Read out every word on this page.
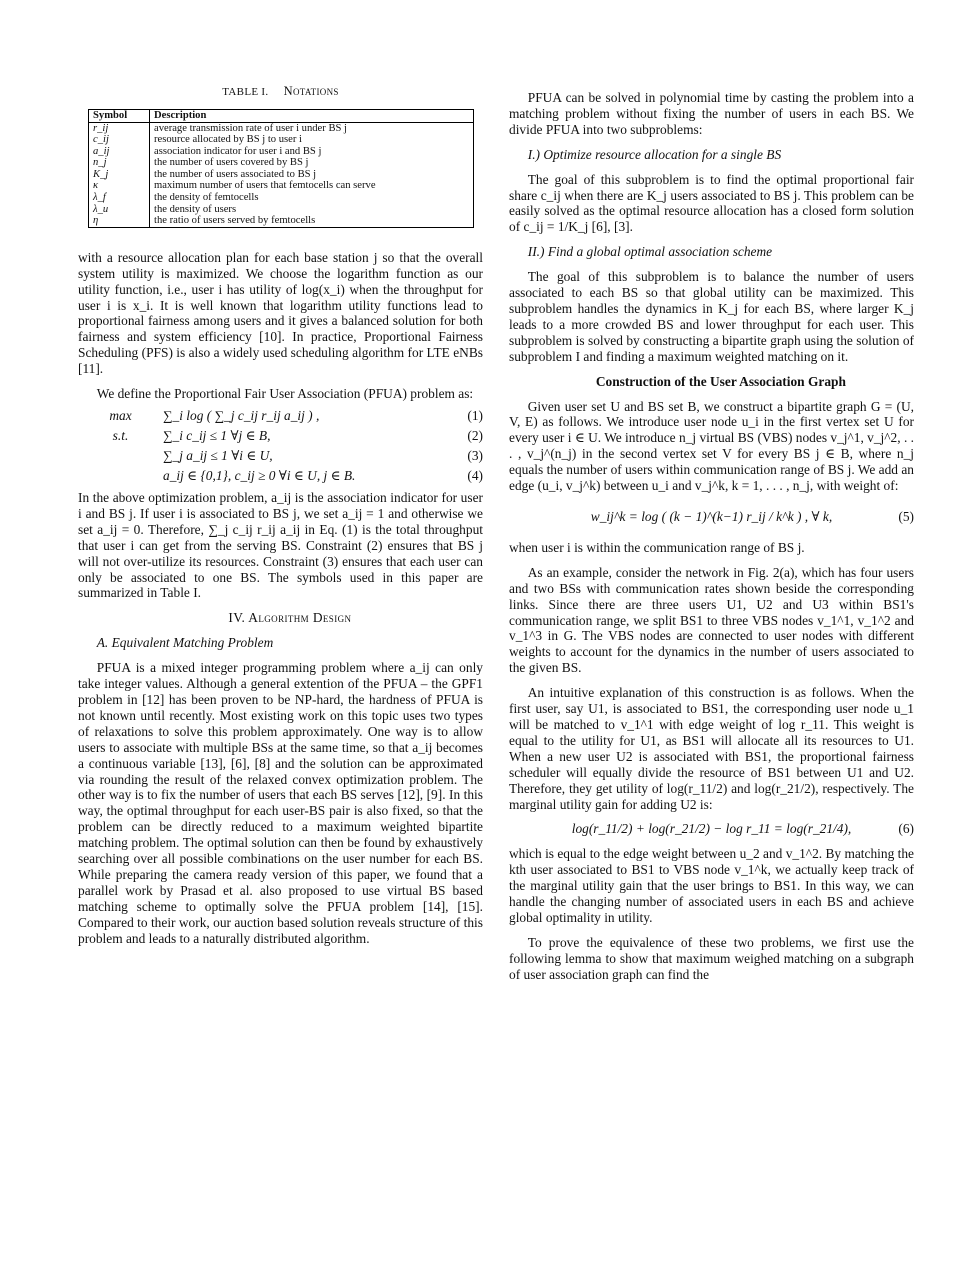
TABLE I. Notations
Symbol	Description
r_ij	average transmission rate of user i under BS j
c_ij	resource allocated by BS j to user i
a_ij	association indicator for user i and BS j
n_j	the number of users covered by BS j
K_j	the number of users associated to BS j
κ	maximum number of users that femtocells can serve
λ_f	the density of femtocells
λ_u	the density of users
η	the ratio of users served by femtocells

with a resource allocation plan for each base station j so that the overall system utility is maximized. We choose the logarithm function as our utility function, i.e., user i has utility of log(x_i) when the throughput for user i is x_i. It is well known that logarithm utility functions lead to proportional fairness among users and it gives a balanced solution for both fairness and system efficiency [10]. In practice, Proportional Fairness Scheduling (PFS) is also a widely used scheduling algorithm for LTE eNBs [11].

We define the Proportional Fair User Association (PFUA) problem as:

max	∑_i log ( ∑_j c_ij r_ij a_ij ) ,	(1)
s.t.	∑_i c_ij ≤ 1 ∀j ∈ B,	(2)
∑_j a_ij ≤ 1 ∀i ∈ U,	(3)
a_ij ∈ {0,1}, c_ij ≥ 0 ∀i ∈ U, j ∈ B.	(4)

In the above optimization problem, a_ij is the association indicator for user i and BS j. If user i is associated to BS j, we set a_ij = 1 and otherwise we set a_ij = 0. Therefore, ∑_j c_ij r_ij a_ij in Eq. (1) is the total throughput that user i can get from the serving BS. Constraint (2) ensures that BS j will not over-utilize its resources. Constraint (3) ensures that each user can only be associated to one BS. The symbols used in this paper are summarized in Table I.

IV. Algorithm Design

A. Equivalent Matching Problem

PFUA is a mixed integer programming problem where a_ij can only take integer values. Although a general extention of the PFUA – the GPF1 problem in [12] has been proven to be NP-hard, the hardness of PFUA is not known until recently. Most existing work on this topic uses two types of relaxations to solve this problem approximately. One way is to allow users to associate with multiple BSs at the same time, so that a_ij becomes a continuous variable [13], [6], [8] and the solution can be approximated via rounding the result of the relaxed convex optimization problem. The other way is to fix the number of users that each BS serves [12], [9]. In this way, the optimal throughput for each user-BS pair is also fixed, so that the problem can be directly reduced to a maximum weighted bipartite matching problem. The optimal solution can then be found by exhaustively searching over all possible combinations on the user number for each BS. While preparing the camera ready version of this paper, we found that a parallel work by Prasad et al. also proposed to use virtual BS based matching scheme to optimally solve the PFUA problem [14], [15]. Compared to their work, our auction based solution reveals structure of this problem and leads to a naturally distributed algorithm.

PFUA can be solved in polynomial time by casting the problem into a matching problem without fixing the number of users in each BS. We divide PFUA into two subproblems:

I.) Optimize resource allocation for a single BS

The goal of this subproblem is to find the optimal proportional fair share c_ij when there are K_j users associated to BS j. This problem can be easily solved as the optimal resource allocation has a closed form solution of c_ij = 1/K_j [6], [3].

II.) Find a global optimal association scheme

The goal of this subproblem is to balance the number of users associated to each BS so that global utility can be maximized. This subproblem handles the dynamics in K_j for each BS, where larger K_j leads to a more crowded BS and lower throughput for each user. This subproblem is solved by constructing a bipartite graph using the solution of subproblem I and finding a maximum weighted matching on it.

Construction of the User Association Graph

Given user set U and BS set B, we construct a bipartite graph G = (U, V, E) as follows. We introduce user node u_i in the first vertex set U for every user i ∈ U. We introduce n_j virtual BS (VBS) nodes v_j^1, v_j^2, . . . , v_j^(n_j) in the second vertex set V for every BS j ∈ B, where n_j equals the number of users within communication range of BS j. We add an edge (u_i, v_j^k) between u_i and v_j^k, k = 1, . . . , n_j, with weight of:

w_ij^k = log ( (k − 1)^(k−1) r_ij / k^k ) , ∀ k,	(5)

when user i is within the communication range of BS j.

As an example, consider the network in Fig. 2(a), which has four users and two BSs with communication rates shown beside the corresponding links. Since there are three users U1, U2 and U3 within BS1's communication range, we split BS1 to three VBS nodes v_1^1, v_1^2 and v_1^3 in G. The VBS nodes are connected to user nodes with different weights to account for the dynamics in the number of users associated to the given BS.

An intuitive explanation of this construction is as follows. When the first user, say U1, is associated to BS1, the corresponding user node u_1 will be matched to v_1^1 with edge weight of log r_11. This weight is equal to the utility for U1, as BS1 will allocate all its resources to U1. When a new user U2 is associated with BS1, the proportional fairness scheduler will equally divide the resource of BS1 between U1 and U2. Therefore, they get utility of log(r_11/2) and log(r_21/2), respectively. The marginal utility gain for adding U2 is:

log(r_11/2) + log(r_21/2) − log r_11 = log(r_21/4),	(6)

which is equal to the edge weight between u_2 and v_1^2. By matching the kth user associated to BS1 to VBS node v_1^k, we actually keep track of the marginal utility gain that the user brings to BS1. In this way, we can handle the changing number of associated users in each BS and achieve global optimality in utility.

To prove the equivalence of these two problems, we first use the following lemma to show that maximum weighed matching on a subgraph of user association graph can find the
